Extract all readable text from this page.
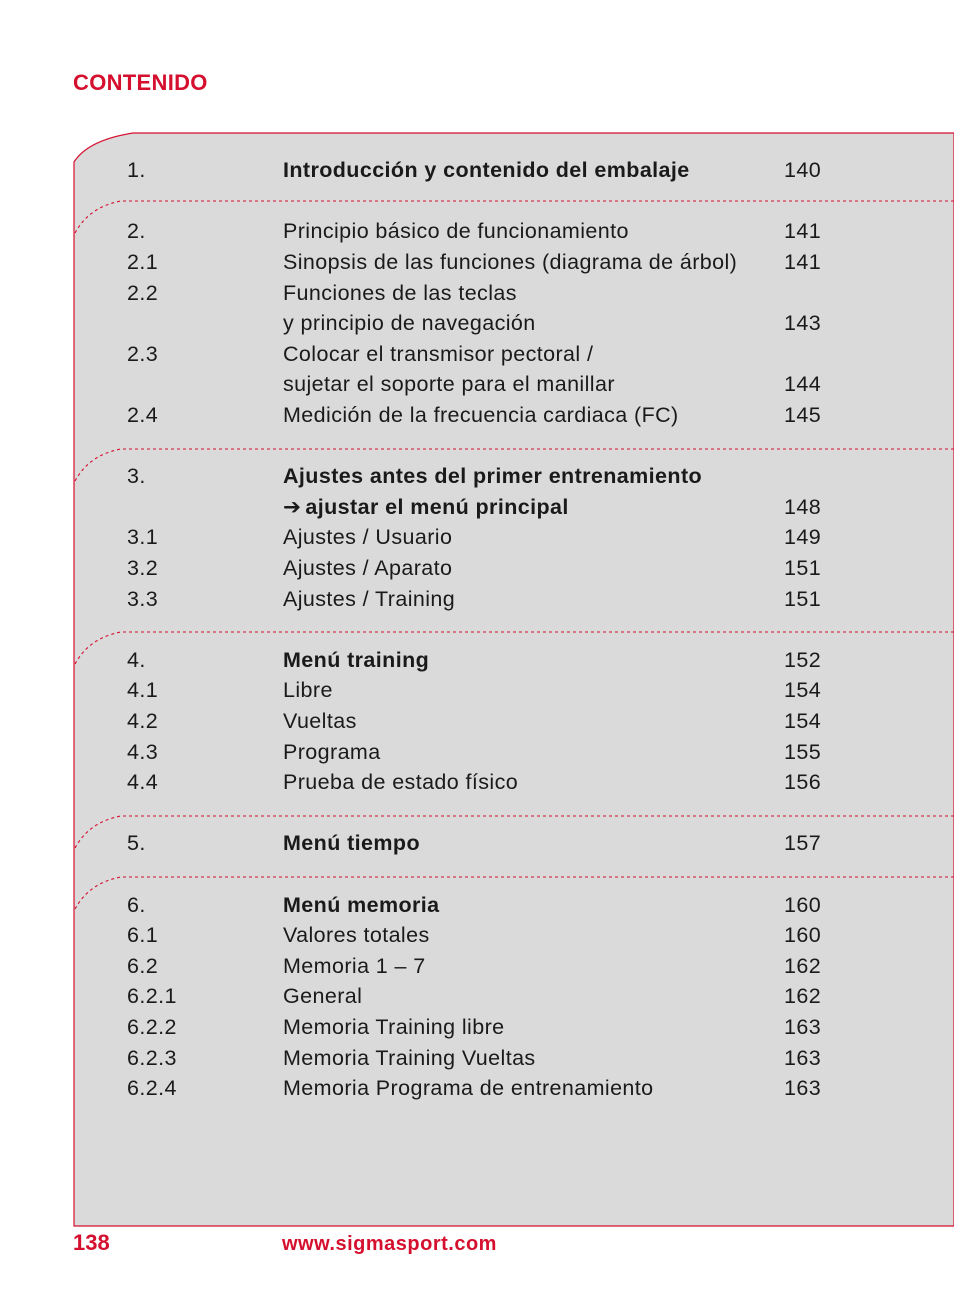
CONTENIDO
1.	Introducción y contenido del embalaje	140
2.	Principio básico de funcionamiento	141
2.1	Sinopsis de las funciones (diagrama de árbol) 141
2.2	Funciones de las teclas
y principio de navegación	143
2.3	Colocar el transmisor pectoral /
sujetar el soporte para el manillar	144
2.4	Medición de la frecuencia cardiaca (FC)	145
3.	Ajustes antes del primer entrenamiento
➔ ajustar el menú principal	148
3.1	Ajustes / Usuario	149
3.2	Ajustes / Aparato	151
3.3	Ajustes / Training	151
4.	Menú training	152
4.1	Libre	154
4.2	Vueltas	154
4.3	Programa	155
4.4	Prueba de estado físico	156
5.	Menú tiempo	157
6.	Menú memoria	160
6.1	Valores totales	160
6.2	Memoria 1 – 7	162
6.2.1	General	162
6.2.2	Memoria Training libre	163
6.2.3	Memoria Training Vueltas	163
6.2.4	Memoria Programa de entrenamiento	163
138	www.sigmasport.com
